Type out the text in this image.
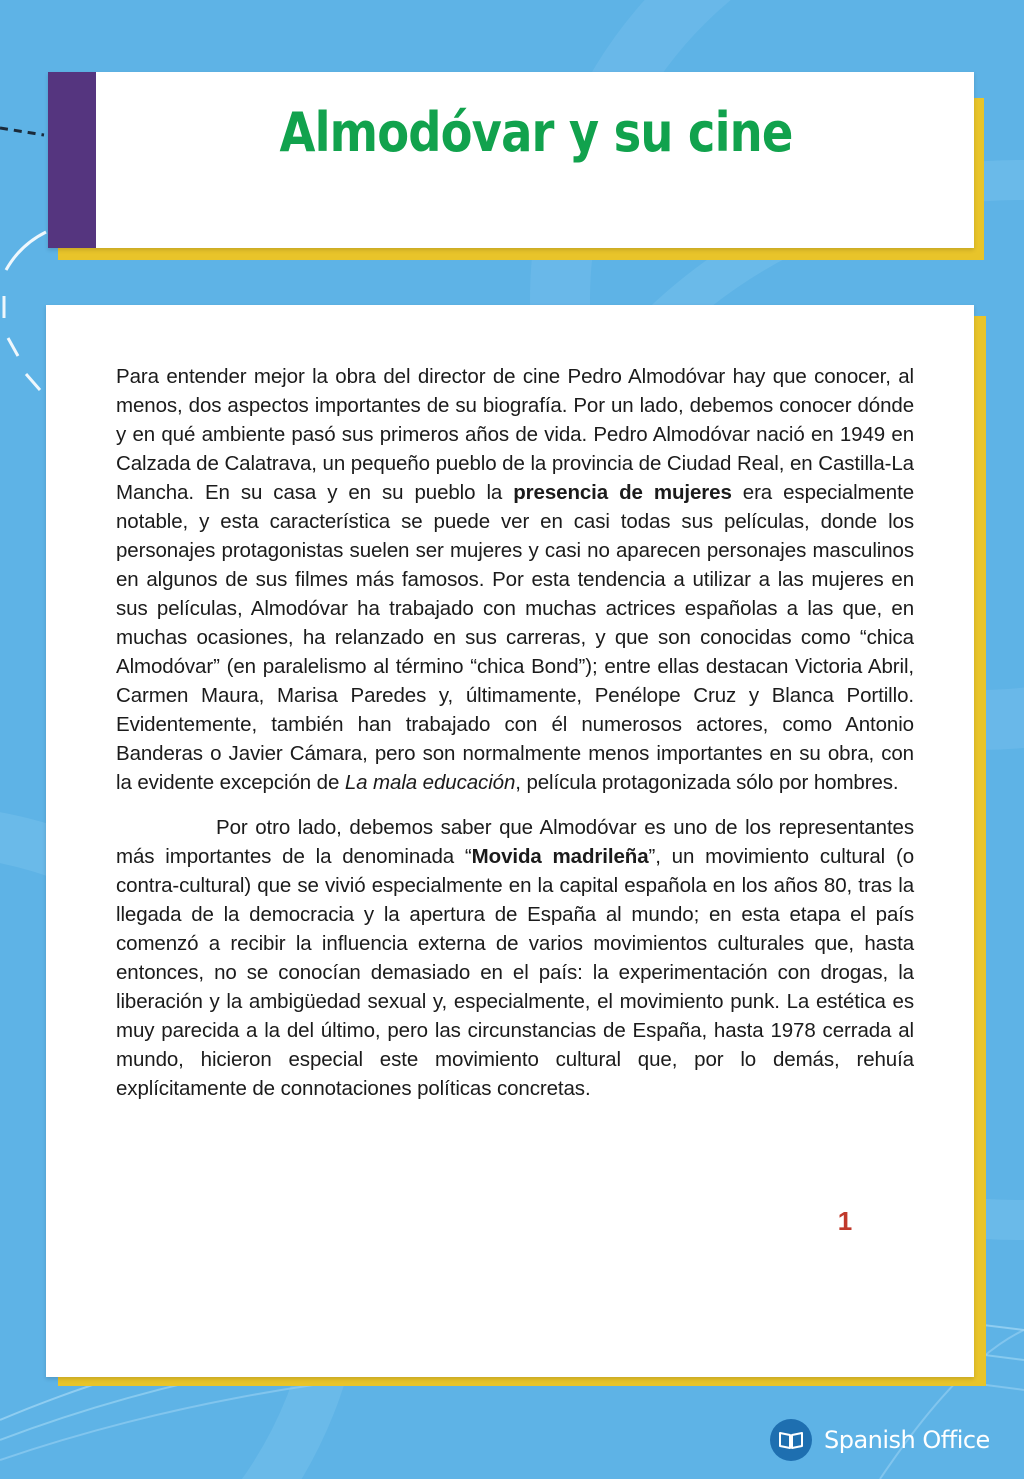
Almodóvar y su cine

Para entender mejor la obra del director de cine Pedro Almodóvar hay que conocer, al menos, dos aspectos importantes de su biografía. Por un lado, debemos conocer dónde y en qué ambiente pasó sus primeros años de vida. Pedro Almodóvar nació en 1949 en Calzada de Calatrava, un pequeño pueblo de la provincia de Ciudad Real, en Castilla-La Mancha. En su casa y en su pueblo la presencia de mujeres era especialmente notable, y esta característica se puede ver en casi todas sus películas, donde los personajes protagonistas suelen ser mujeres y casi no aparecen personajes masculinos en algunos de sus filmes más famosos. Por esta tendencia a utilizar a las mujeres en sus películas, Almodóvar ha trabajado con muchas actrices españolas a las que, en muchas ocasiones, ha relanzado en sus carreras, y que son conocidas como “chica Almodóvar” (en paralelismo al término “chica Bond”); entre ellas destacan Victoria Abril, Carmen Maura, Marisa Paredes y, últimamente, Penélope Cruz y Blanca Portillo. Evidentemente, también han trabajado con él numerosos actores, como Antonio Banderas o Javier Cámara, pero son normalmente menos importantes en su obra, con la evidente excepción de La mala educación, película protagonizada sólo por hombres.

Por otro lado, debemos saber que Almodóvar es uno de los representantes más importantes de la denominada “Movida madrileña”, un movimiento cultural (o contra-cultural) que se vivió especialmente en la capital española en los años 80, tras la llegada de la democracia y la apertura de España al mundo; en esta etapa el país comenzó a recibir la influencia externa de varios movimientos culturales que, hasta entonces, no se conocían demasiado en el país: la experimentación con drogas, la liberación y la ambigüedad sexual y, especialmente, el movimiento punk. La estética es muy parecida a la del último, pero las circunstancias de España, hasta 1978 cerrada al mundo, hicieron especial este movimiento cultural que, por lo demás, rehuía explícitamente de connotaciones políticas concretas.

1
Spanish Office
